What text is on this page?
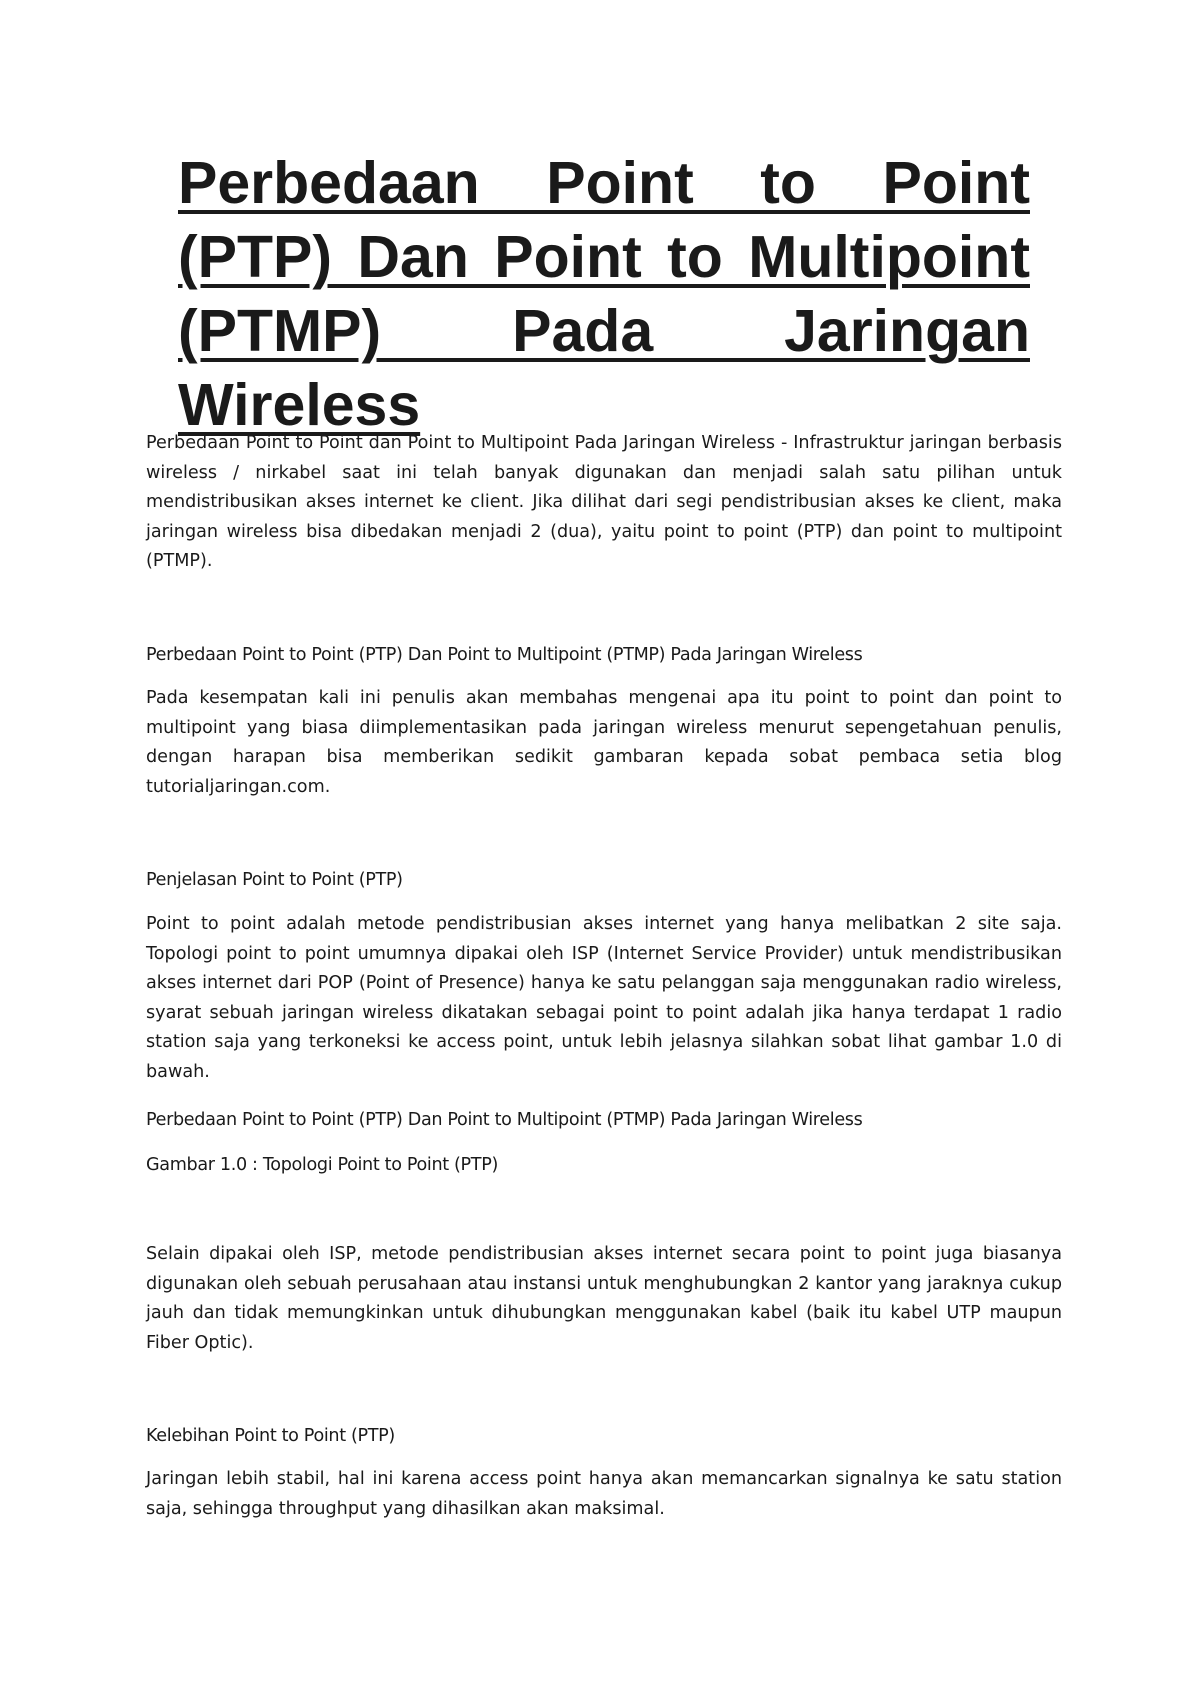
Perbedaan Point to Point (PTP) Dan Point to Multipoint (PTMP) Pada Jaringan Wireless

Perbedaan Point to Point dan Point to Multipoint Pada Jaringan Wireless - Infrastruktur jaringan berbasis wireless / nirkabel saat ini telah banyak digunakan dan menjadi salah satu pilihan untuk mendistribusikan akses internet ke client. Jika dilihat dari segi pendistribusian akses ke client, maka jaringan wireless bisa dibedakan menjadi 2 (dua), yaitu point to point (PTP) dan point to multipoint (PTMP).

Perbedaan Point to Point (PTP) Dan Point to Multipoint (PTMP) Pada Jaringan Wireless

Pada kesempatan kali ini penulis akan membahas mengenai apa itu point to point dan point to multipoint yang biasa diimplementasikan pada jaringan wireless menurut sepengetahuan penulis, dengan harapan bisa memberikan sedikit gambaran kepada sobat pembaca setia blog tutorialjaringan.com.

Penjelasan Point to Point (PTP)

Point to point adalah metode pendistribusian akses internet yang hanya melibatkan 2 site saja. Topologi point to point umumnya dipakai oleh ISP (Internet Service Provider) untuk mendistribusikan akses internet dari POP (Point of Presence) hanya ke satu pelanggan saja menggunakan radio wireless, syarat sebuah jaringan wireless dikatakan sebagai point to point adalah jika hanya terdapat 1 radio station saja yang terkoneksi ke access point, untuk lebih jelasnya silahkan sobat lihat gambar 1.0 di bawah.

Perbedaan Point to Point (PTP) Dan Point to Multipoint (PTMP) Pada Jaringan Wireless

Gambar 1.0 : Topologi Point to Point (PTP)

Selain dipakai oleh ISP, metode pendistribusian akses internet secara point to point juga biasanya digunakan oleh sebuah perusahaan atau instansi untuk menghubungkan 2 kantor yang jaraknya cukup jauh dan tidak memungkinkan untuk dihubungkan menggunakan kabel (baik itu kabel UTP maupun Fiber Optic).

Kelebihan Point to Point (PTP)

Jaringan lebih stabil, hal ini karena access point hanya akan memancarkan signalnya ke satu station saja, sehingga throughput yang dihasilkan akan maksimal.
